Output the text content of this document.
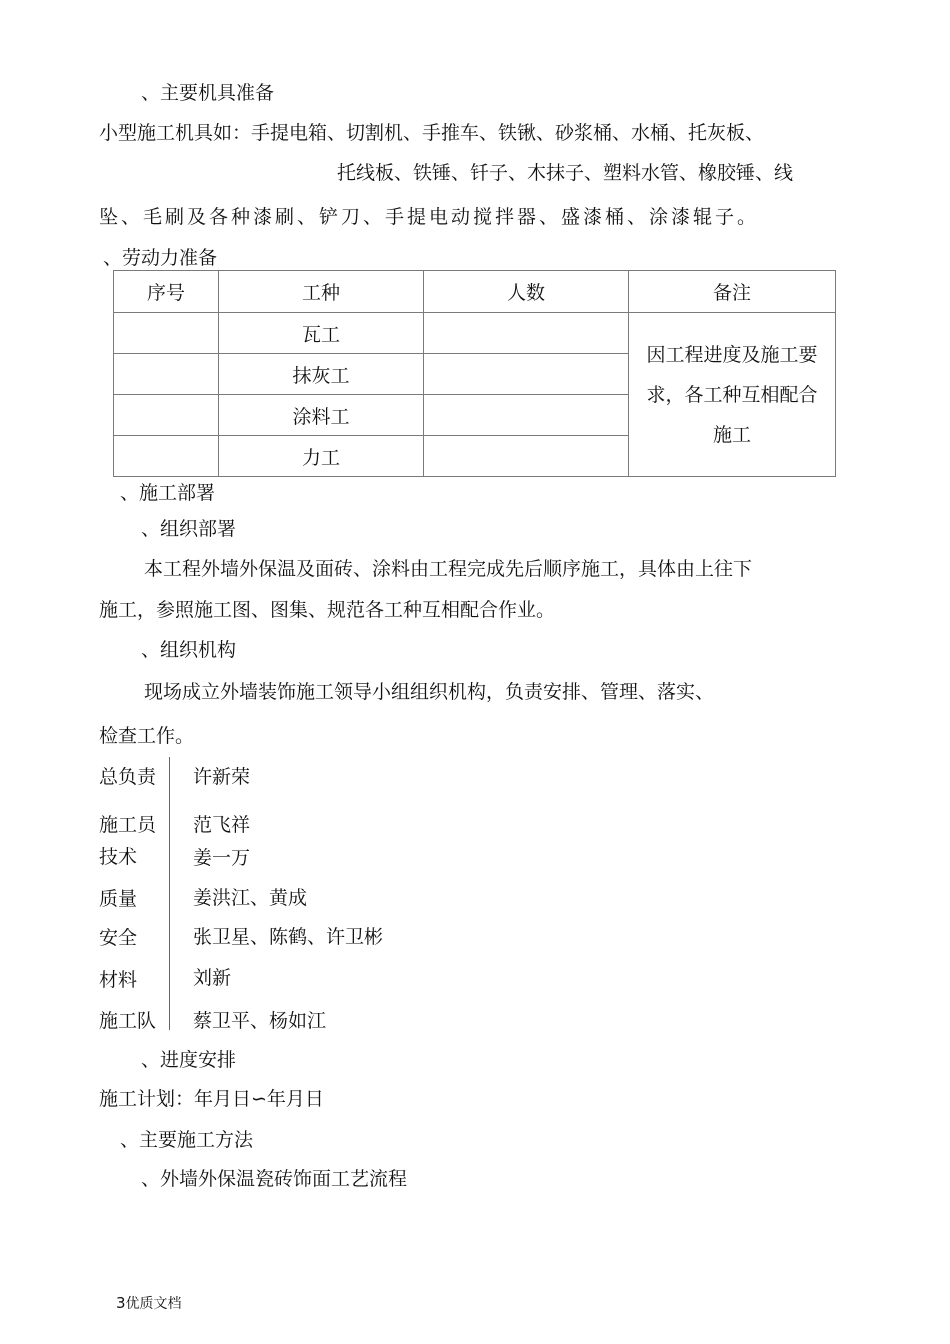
、主要机具准备
小型施工机具如：手提电箱、切割机、手推车、铁锹、砂浆桶、水桶、托灰板、
托线板、铁锤、钎子、木抹子、塑料水管、橡胶锤、线
坠、毛刷及各种漆刷、铲刀、手提电动搅拌器、盛漆桶、涂漆辊子。
、劳动力准备
序号	工种	人数	备注
	瓦工		因工程进度及施工要
求，各工种互相配合
施工

	抹灰工		
	涂料工		
	力工		
、施工部署
、组织部署
本工程外墙外保温及面砖、涂料由工程完成先后顺序施工，具体由上往下
施工，参照施工图、图集、规范各工种互相配合作业。
、组织机构
现场成立外墙装饰施工领导小组组织机构，负责安排、管理、落实、
检查工作。
总负责 许新荣
施工员 范飞祥
技术	姜一万
质量	姜洪江、黄成
安全	张卫星、陈鹤、许卫彬
材料	刘新
施工队 蔡卫平、杨如江
、进度安排
施工计划：年月日∽年月日
、主要施工方法
、外墙外保温瓷砖饰面工艺流程
3优质文档
